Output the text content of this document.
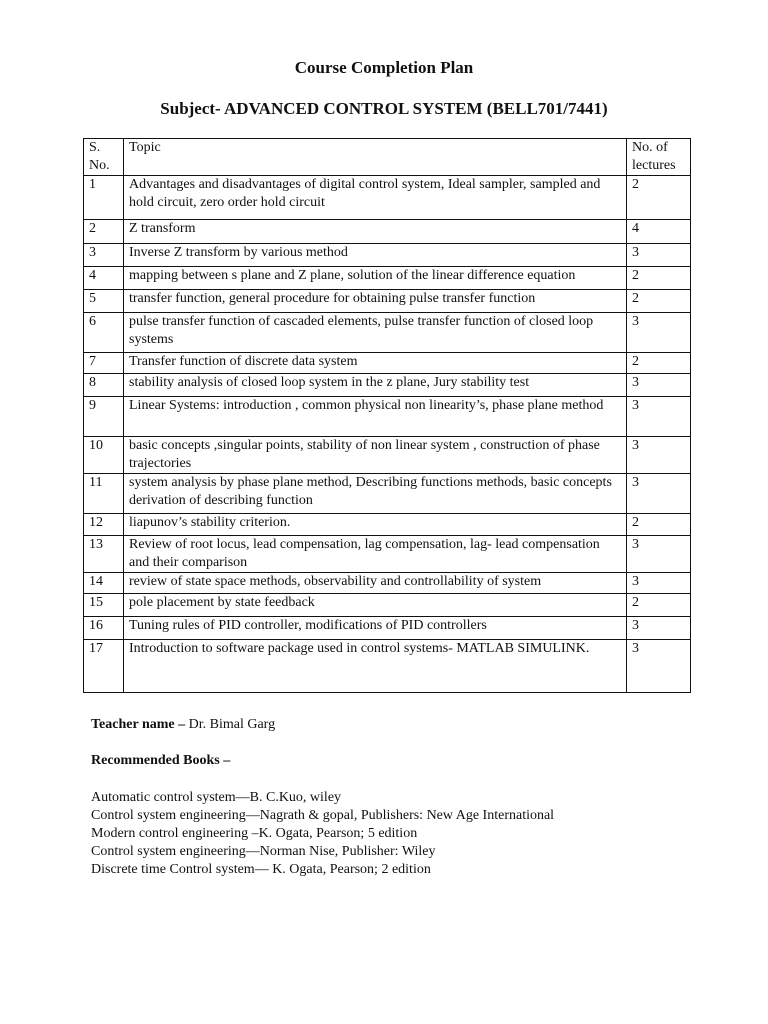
Course Completion Plan
Subject- ADVANCED CONTROL SYSTEM (BELL701/7441)
S. No.	Topic	No. of lectures
1	Advantages and disadvantages of digital control system, Ideal sampler, sampled and hold circuit, zero order hold circuit	2
2	Z transform	4
3	Inverse Z transform by various method	3
4	mapping between s plane and Z plane, solution of the linear difference equation	2
5	transfer function, general procedure for obtaining pulse transfer function	2
6	pulse transfer function of cascaded elements, pulse transfer function of closed loop systems	3
7	Transfer function of discrete data system	2
8	stability analysis of closed loop system in the z plane, Jury stability test	3
9	Linear Systems: introduction , common physical non linearity’s, phase plane method	3
10	basic concepts ,singular points, stability of non linear system , construction of phase trajectories	3
11	system analysis by phase plane method, Describing functions methods, basic concepts derivation of describing function	3
12	liapunov’s stability criterion.	2
13	Review of root locus, lead compensation, lag compensation, lag- lead compensation and their comparison	3
14	review of state space methods, observability and controllability of system	3
15	pole placement by state feedback	2
16	Tuning rules of PID controller, modifications of PID controllers	3
17	Introduction to software package used in control systems- MATLAB SIMULINK.	3
Teacher name – Dr. Bimal Garg
Recommended Books –
Automatic control system—B. C.Kuo, wiley
Control system engineering—Nagrath & gopal, Publishers: New Age International
Modern control engineering –K. Ogata, Pearson; 5 edition
Control system engineering—Norman Nise, Publisher: Wiley
Discrete time Control system— K. Ogata, Pearson; 2 edition
